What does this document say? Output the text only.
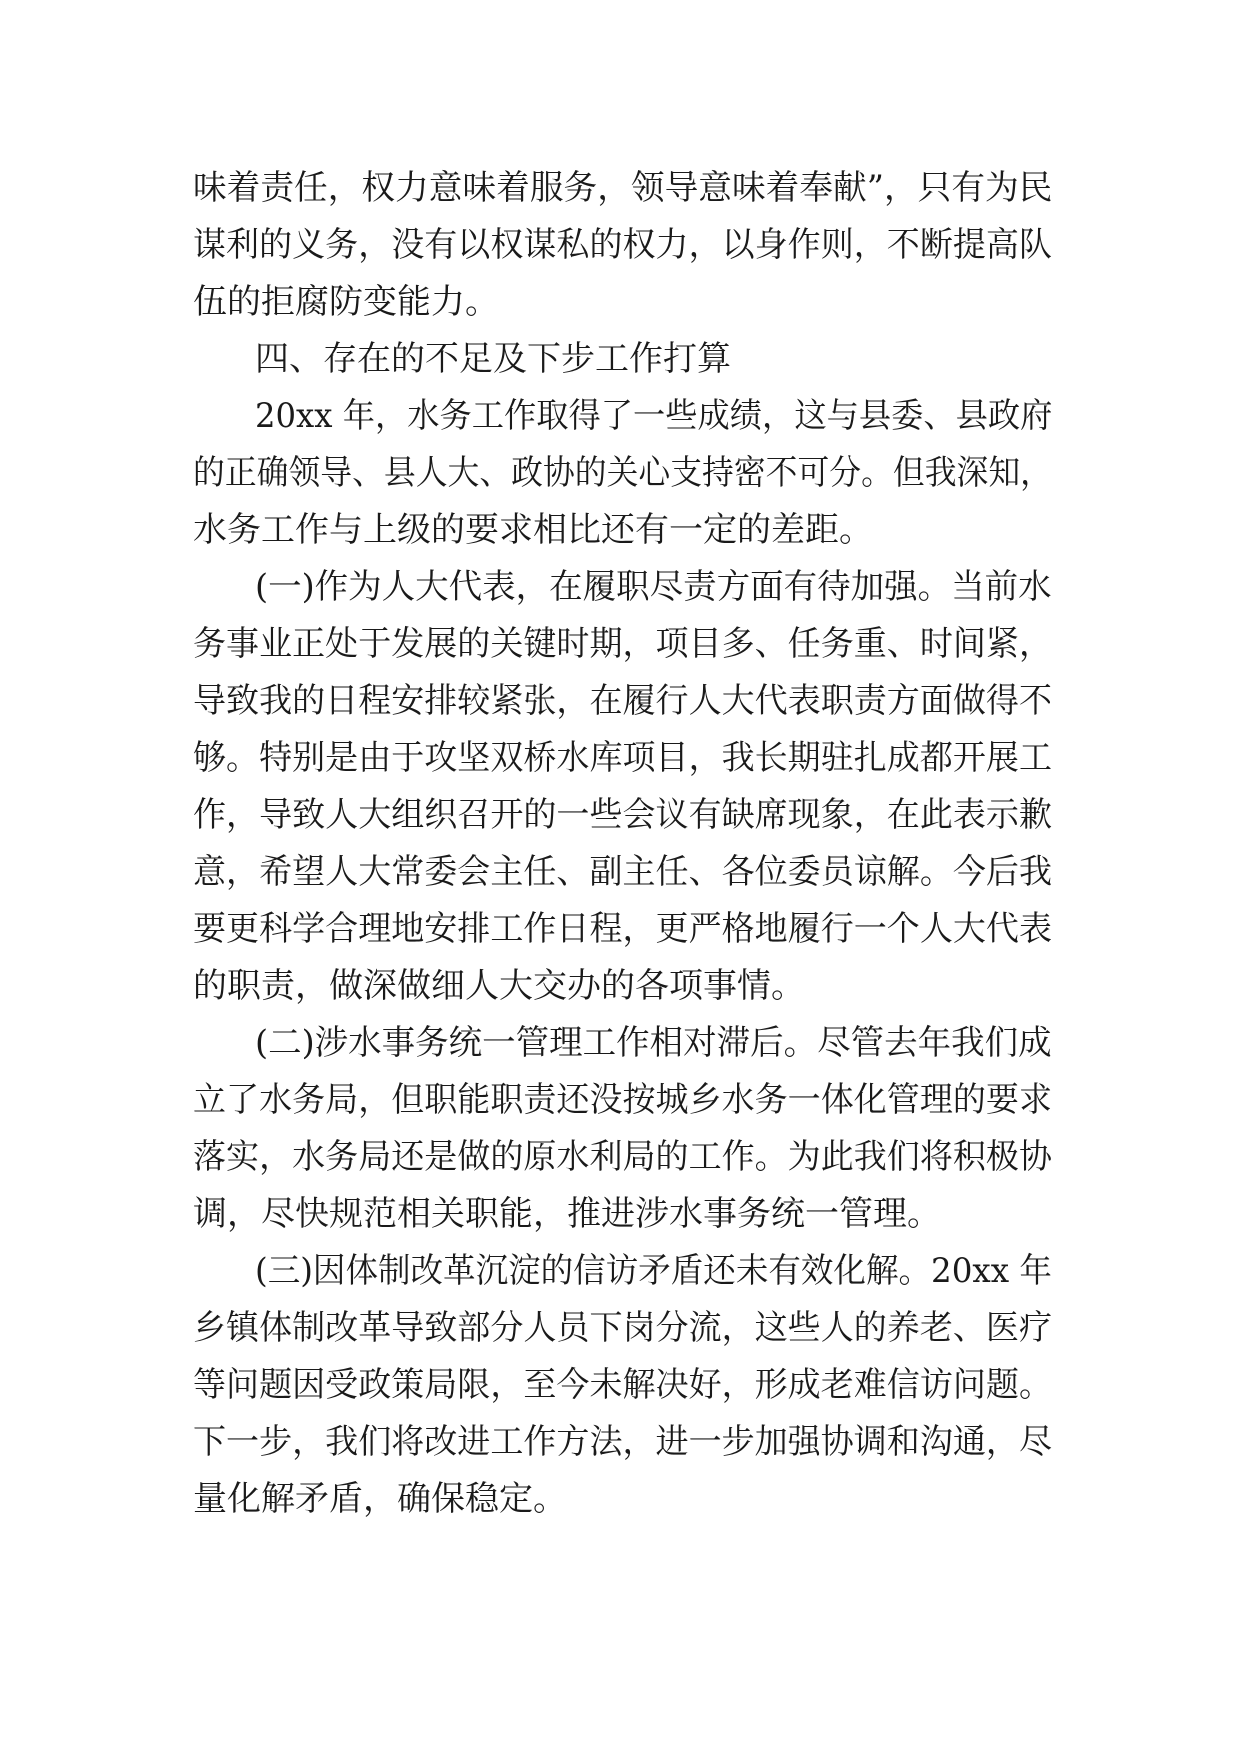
味着责任，权力意味着服务，领导意味着奉献”，只有为民
谋利的义务，没有以权谋私的权力，以身作则，不断提高队
伍的拒腐防变能力。
四、存在的不足及下步工作打算
20xx 年，水务工作取得了一些成绩，这与县委、县政府
的正确领导、县人大、政协的关心支持密不可分。但我深知，
水务工作与上级的要求相比还有一定的差距。
(一)作为人大代表，在履职尽责方面有待加强。当前水
务事业正处于发展的关键时期，项目多、任务重、时间紧，
导致我的日程安排较紧张，在履行人大代表职责方面做得不
够。特别是由于攻坚双桥水库项目，我长期驻扎成都开展工
作，导致人大组织召开的一些会议有缺席现象，在此表示歉
意，希望人大常委会主任、副主任、各位委员谅解。今后我
要更科学合理地安排工作日程，更严格地履行一个人大代表
的职责，做深做细人大交办的各项事情。
(二)涉水事务统一管理工作相对滞后。尽管去年我们成
立了水务局，但职能职责还没按城乡水务一体化管理的要求
落实，水务局还是做的原水利局的工作。为此我们将积极协
调，尽快规范相关职能，推进涉水事务统一管理。
(三)因体制改革沉淀的信访矛盾还未有效化解。20xx 年
乡镇体制改革导致部分人员下岗分流，这些人的养老、医疗
等问题因受政策局限，至今未解决好，形成老难信访问题。
下一步，我们将改进工作方法，进一步加强协调和沟通，尽
量化解矛盾，确保稳定。
